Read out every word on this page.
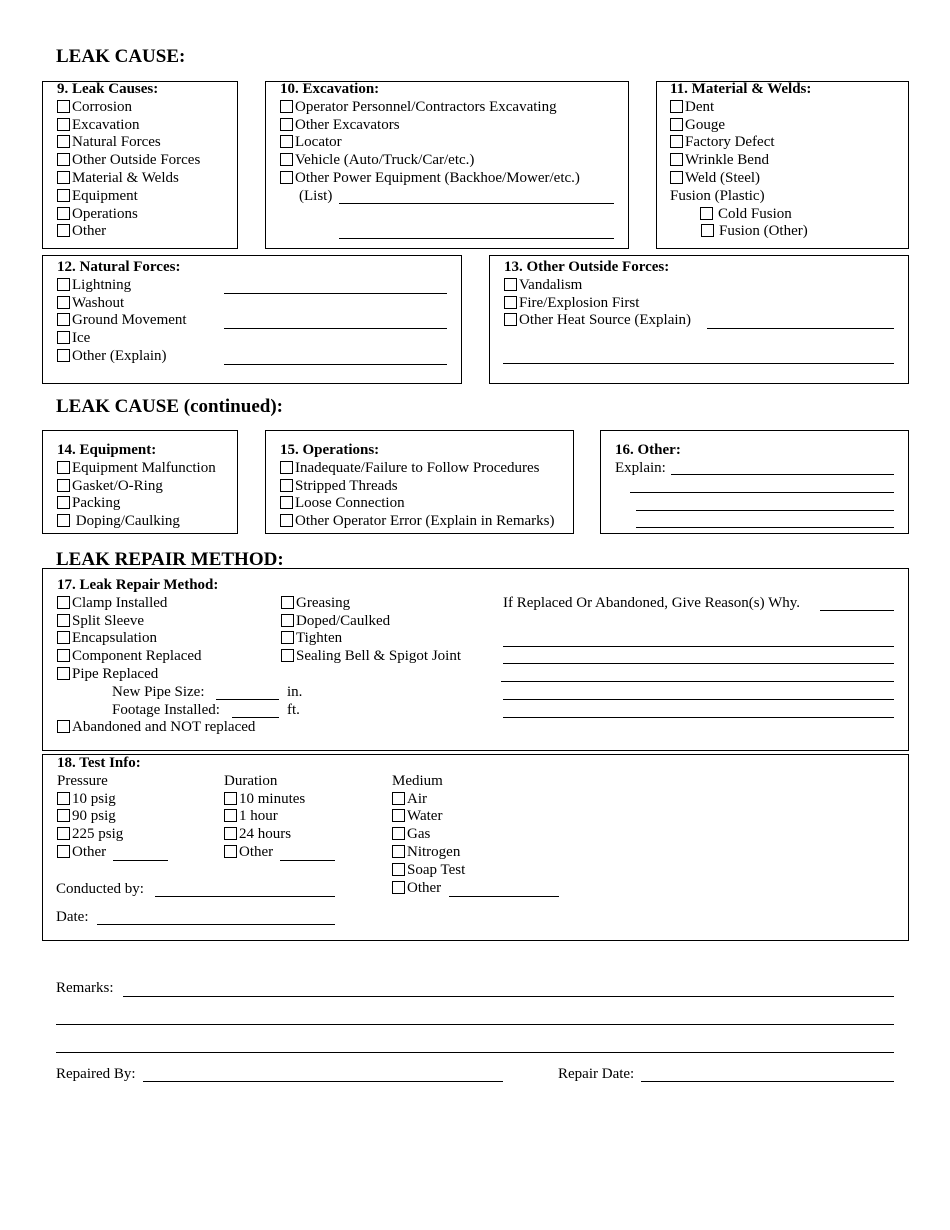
LEAK CAUSE:
LEAK CAUSE (continued):
LEAK REPAIR METHOD:
9. Leak Causes:
Corrosion
Excavation
Natural Forces
Other Outside Forces
Material & Welds
Equipment
Operations
Other
10. Excavation:
Operator Personnel/Contractors Excavating
Other Excavators
Locator
Vehicle (Auto/Truck/Car/etc.)
Other Power Equipment (Backhoe/Mower/etc.)
(List)
11. Material & Welds:
Dent
Gouge
Factory Defect
Wrinkle Bend
Weld (Steel)
Fusion (Plastic)
Cold Fusion
Fusion (Other)
12. Natural Forces:
Lightning
Washout
Ground Movement
Ice
Other (Explain)
13. Other Outside Forces:
Vandalism
Fire/Explosion First
Other Heat Source (Explain)
14. Equipment:
Equipment Malfunction
Gasket/O-Ring
Packing
Doping/Caulking
15. Operations:
Inadequate/Failure to Follow Procedures
Stripped Threads
Loose Connection
Other Operator Error (Explain in Remarks)
16. Other:
Explain:
17. Leak Repair Method:
Clamp Installed
Split Sleeve
Encapsulation
Component Replaced
Pipe Replaced
New Pipe Size:
Footage Installed:
Abandoned and NOT replaced
in.
ft.
Greasing
Doped/Caulked
Tighten
Sealing Bell & Spigot Joint
If Replaced Or Abandoned, Give Reason(s) Why.
18. Test Info:
Pressure
10 psig
90 psig
225 psig
Other
Duration
10 minutes
1 hour
24 hours
Other
Medium
Air
Water
Gas
Nitrogen
Soap Test
Other
Conducted by:
Date:
Remarks:
Repaired By:	Repair Date:
